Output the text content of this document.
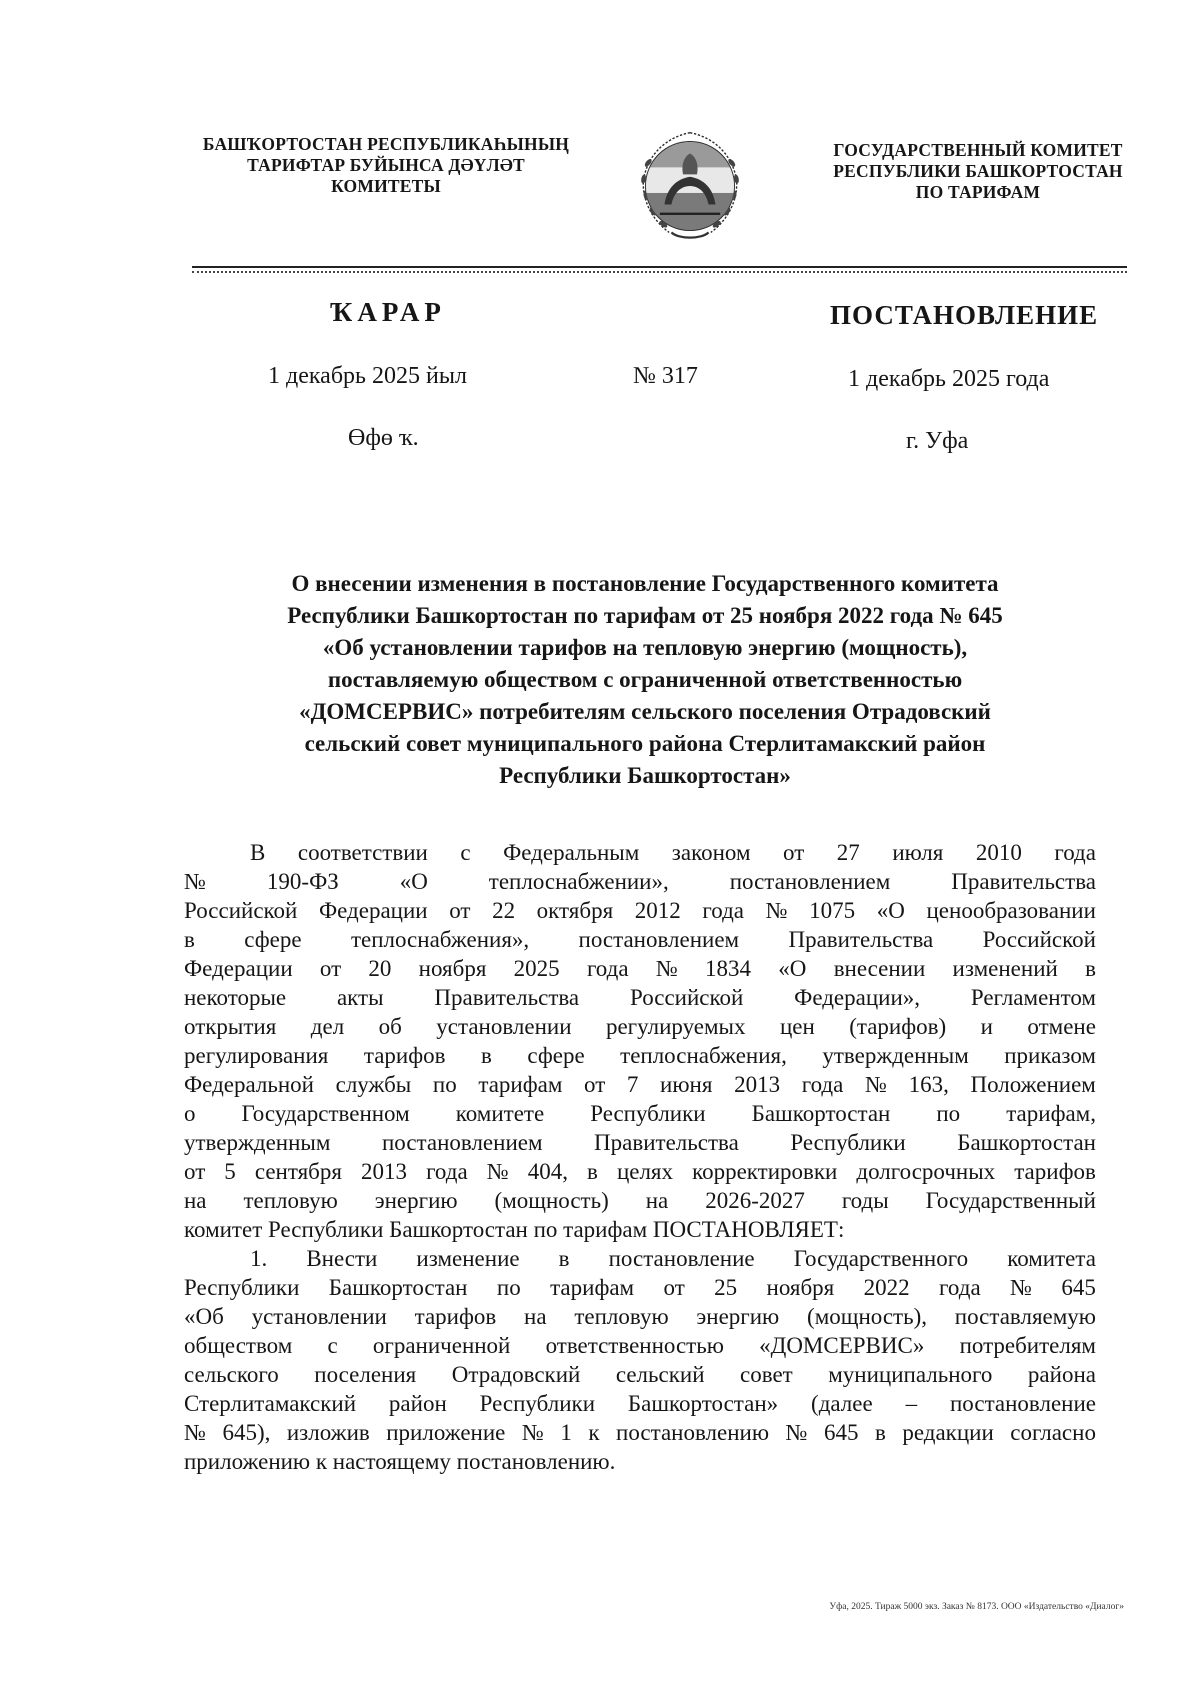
БАШҠОРТОСТАН РЕСПУБЛИКАҺЫНЫҢ
ТАРИФТАР БУЙЫНСА ДӘҮЛӘТ
КОМИТЕТЫ
ГОСУДАРСТВЕННЫЙ КОМИТЕТ
РЕСПУБЛИКИ БАШКОРТОСТАН
ПО ТАРИФАМ
ҠАРАР	ПОСТАНОВЛЕНИЕ
1 декабрь 2025 йыл	№ 317	1 декабрь 2025 года
Өфө ҡ.	г. Уфа
О внесении изменения в постановление Государственного комитета
Республики Башкортостан по тарифам от 25 ноября 2022 года № 645
«Об установлении тарифов на тепловую энергию (мощность),
поставляемую обществом с ограниченной ответственностью
«ДОМСЕРВИС» потребителям сельского поселения Отрадовский
сельский совет муниципального района Стерлитамакский район
Республики Башкортостан»
В соответствии с Федеральным законом от 27 июля 2010 года
№	190-ФЗ	«О	теплоснабжении»,	постановлением	Правительства
Российской Федерации от 22 октября 2012 года № 1075 «О ценообразовании
в сфере теплоснабжения», постановлением Правительства Российской
Федерации от 20 ноября 2025 года № 1834 «О внесении изменений в
некоторые акты Правительства Российской Федерации», Регламентом
открытия дел об установлении регулируемых цен (тарифов) и отмене
регулирования тарифов в сфере теплоснабжения, утвержденным приказом
Федеральной службы по тарифам от 7 июня 2013 года № 163, Положением
о Государственном комитете Республики Башкортостан по тарифам,
утвержденным постановлением Правительства Республики Башкортостан
от 5 сентября 2013 года № 404, в целях корректировки долгосрочных тарифов
на тепловую энергию (мощность) на 2026-2027 годы Государственный
комитет Республики Башкортостан по тарифам ПОСТАНОВЛЯЕТ:
1. Внести изменение в постановление Государственного комитета
Республики Башкортостан по тарифам от 25 ноября 2022 года № 645
«Об установлении тарифов на тепловую энергию (мощность), поставляемую
обществом с ограниченной ответственностью «ДОМСЕРВИС» потребителям
сельского поселения Отрадовский сельский совет муниципального района
Стерлитамакский район Республики Башкортостан» (далее – постановление
№ 645), изложив приложение № 1 к постановлению № 645 в редакции согласно
приложению к настоящему постановлению.
Уфа, 2025. Тираж 5000 экз. Заказ № 8173. ООО «Издательство «Диалог»
